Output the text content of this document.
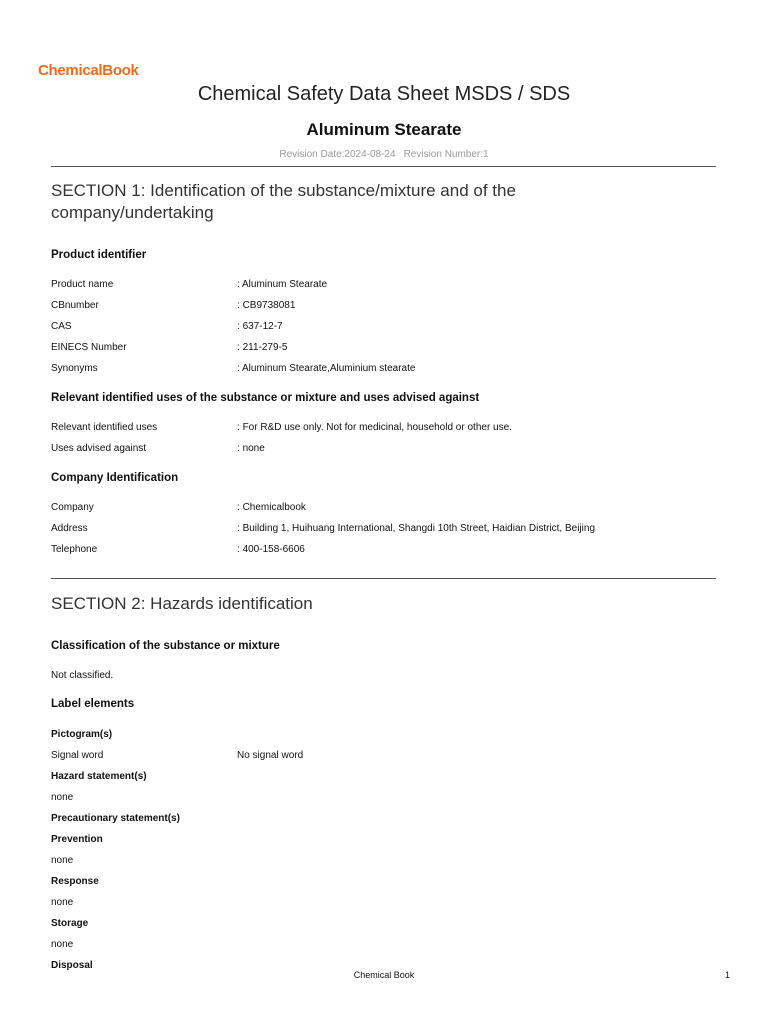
ChemicalBook
Chemical Safety Data Sheet MSDS / SDS
Aluminum Stearate
Revision Date:2024-08-24 Revision Number:1
SECTION 1: Identification of the substance/mixture and of the company/undertaking
Product identifier
Product name	: Aluminum Stearate
CBnumber	: CB9738081
CAS	: 637-12-7
EINECS Number	: 211-279-5
Synonyms	: Aluminum Stearate,Aluminium stearate
Relevant identified uses of the substance or mixture and uses advised against
Relevant identified uses	: For R&D use only. Not for medicinal, household or other use.
Uses advised against	: none
Company Identification
Company	: Chemicalbook
Address	: Building 1, Huihuang International, Shangdi 10th Street, Haidian District, Beijing
Telephone	: 400-158-6606
SECTION 2: Hazards identification
Classification of the substance or mixture
Not classified.
Label elements
Pictogram(s)
Signal word	No signal word
Hazard statement(s)
none
Precautionary statement(s)
Prevention
none
Response
none
Storage
none
Disposal
Chemical Book	1
